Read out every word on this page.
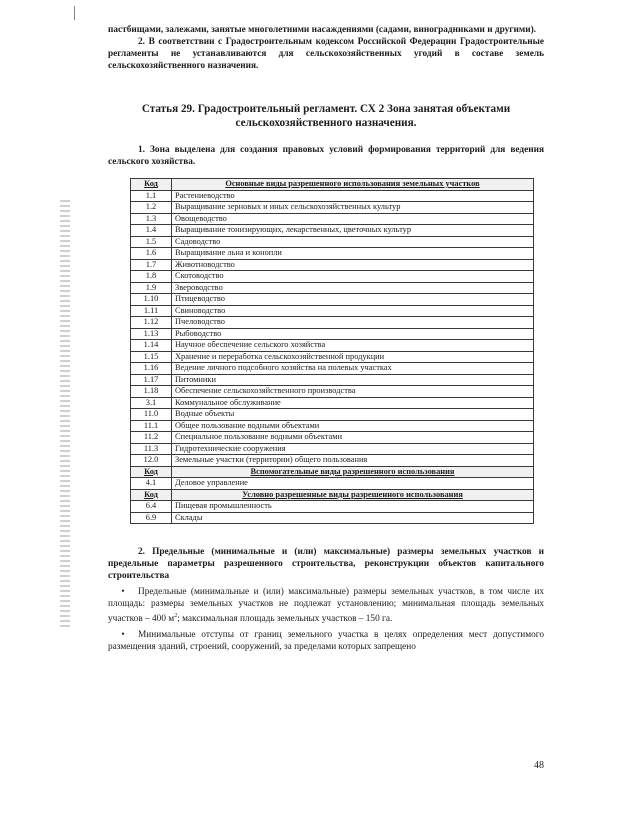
пастбищами, залежами, занятые многолетними насаждениями (садами, виноградниками и другими).

2. В соответствии с Градостроительным кодексом Российской Федерации Градостроительные регламенты не устанавливаются для сельскохозяйственных угодий в составе земель сельскохозяйственного назначения.

Статья 29. Градостроительный регламент. СХ 2 Зона занятая объектами
сельскохозяйственного назначения.

1. Зона выделена для создания правовых условий формирования территорий для ведения сельского хозяйства.

Код	Основные виды разрешенного использования земельных участков
1.1	Растениеводство
1.2	Выращивание зерновых и иных сельскохозяйственных культур
1.3	Овощеводство
1.4	Выращивание тонизирующих, лекарственных, цветочных культур
1.5	Садоводство
1.6	Выращивание льна и конопли
1.7	Животноводство
1.8	Скотоводство
1.9	Звероводство
1.10	Птицеводство
1.11	Свиноводство
1.12	Пчеловодство
1.13	Рыбоводство
1.14	Научное обеспечение сельского хозяйства
1.15	Хранение и переработка сельскохозяйственной продукции
1.16	Ведение личного подсобного хозяйства на полевых участках
1.17	Питомники
1.18	Обеспечение сельскохозяйственного производства
3.1	Коммунальное обслуживание
11.0	Водные объекты
11.1	Общее пользование водными объектами
11.2	Специальное пользование водными объектами
11.3	Гидротехнические сооружения
12.0	Земельные участки (территории) общего пользования
Код	Вспомогательные виды разрешенного использования
4.1	Деловое управление
Код	Условно разрешенные виды разрешенного использования
6.4	Пищевая промышленность
6.9	Склады

2. Предельные (минимальные и (или) максимальные) размеры земельных участков и предельные параметры разрешенного строительства, реконструкции объектов капитального строительства

• Предельные (минимальные и (или) максимальные) размеры земельных участков, в том числе их площадь: размеры земельных участков не подлежат установлению; минимальная площадь земельных участков – 400 $м^2$; максимальная площадь земельных участков – 150 га.

• Минимальные отступы от границ земельного участка в целях определения мест допустимого размещения зданий, строений, сооружений, за пределами которых запрещено

48
